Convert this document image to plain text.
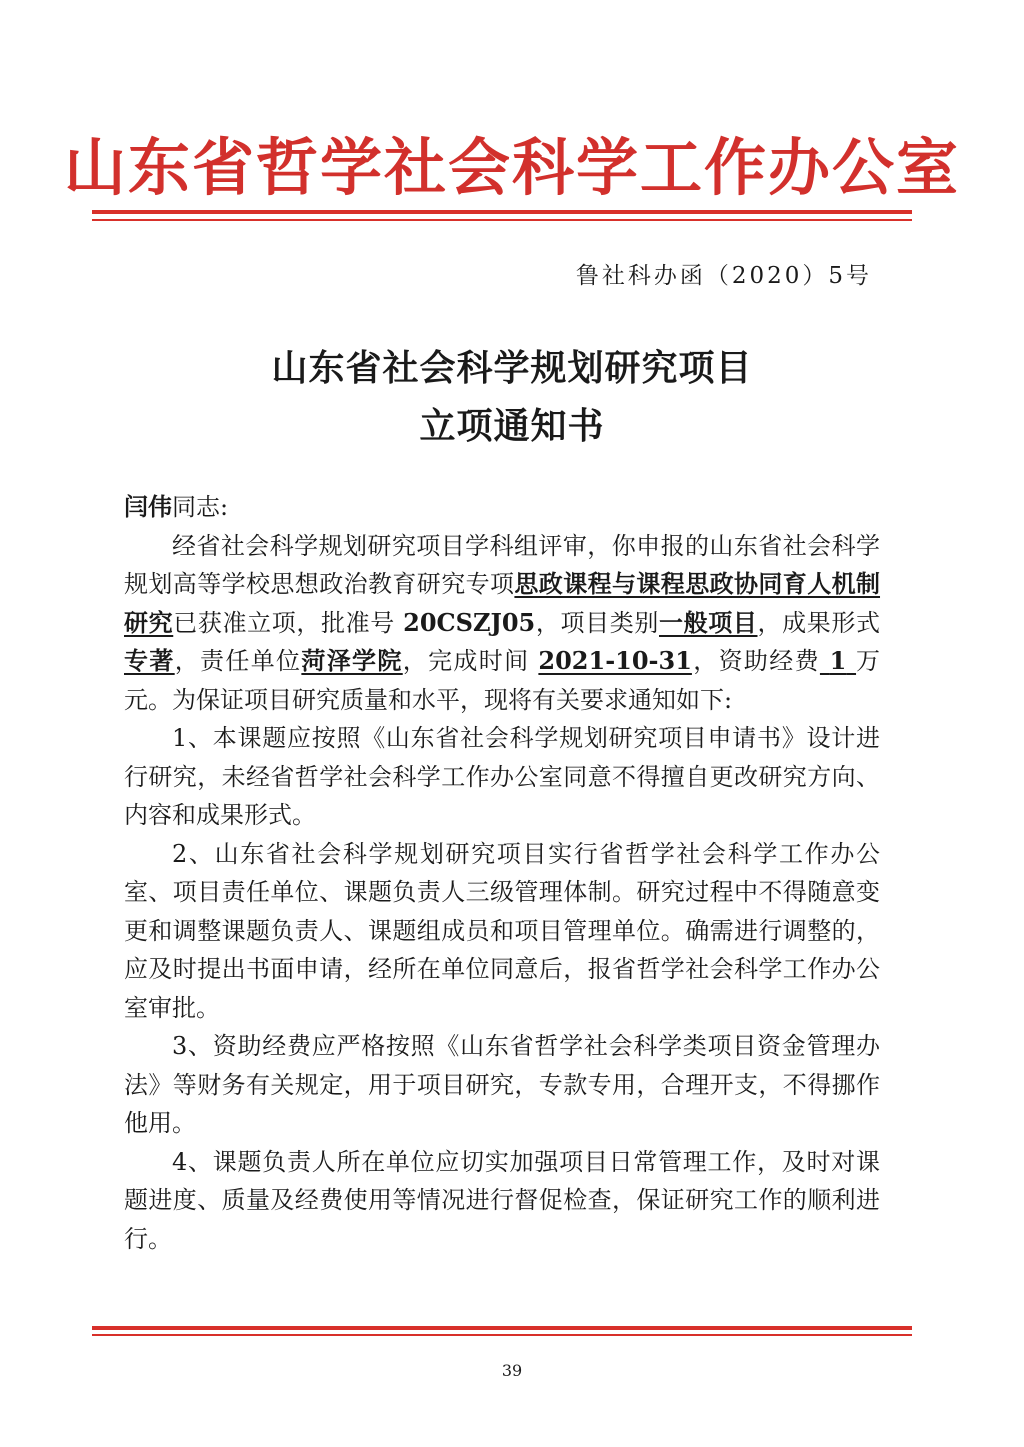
山东省哲学社会科学工作办公室
鲁社科办函（2020）5号
山东省社会科学规划研究项目
立项通知书

闫伟同志:

经省社会科学规划研究项目学科组评审，你申报的山东省社会科学规划高等学校思想政治教育研究专项思政课程与课程思政协同育人机制研究已获准立项，批准号 20CSZJ05，项目类别一般项目，成果形式专著，责任单位菏泽学院，完成时间 2021-10-31，资助经费 1 万元。为保证项目研究质量和水平，现将有关要求通知如下:

1、本课题应按照《山东省社会科学规划研究项目申请书》设计进行研究，未经省哲学社会科学工作办公室同意不得擅自更改研究方向、内容和成果形式。

2、山东省社会科学规划研究项目实行省哲学社会科学工作办公室、项目责任单位、课题负责人三级管理体制。研究过程中不得随意变更和调整课题负责人、课题组成员和项目管理单位。确需进行调整的，应及时提出书面申请，经所在单位同意后，报省哲学社会科学工作办公室审批。

3、资助经费应严格按照《山东省哲学社会科学类项目资金管理办法》等财务有关规定，用于项目研究，专款专用，合理开支，不得挪作他用。

4、课题负责人所在单位应切实加强项目日常管理工作，及时对课题进度、质量及经费使用等情况进行督促检查，保证研究工作的顺利进行。

39
